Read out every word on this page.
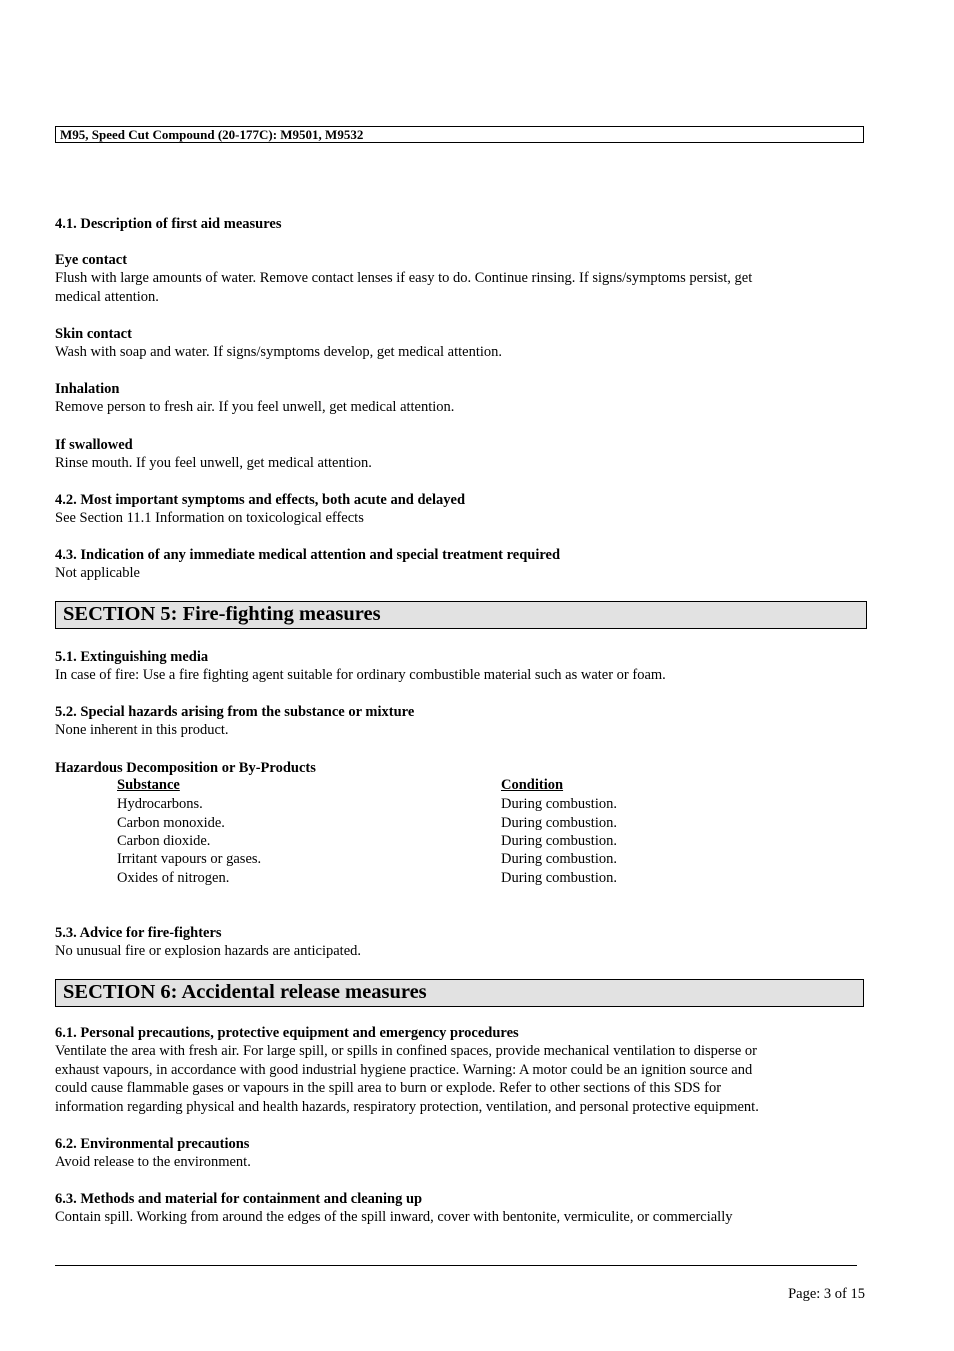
M95, Speed Cut Compound (20-177C): M9501, M9532
4.1. Description of first aid measures
Eye contact
Flush with large amounts of water. Remove contact lenses if easy to do. Continue rinsing. If signs/symptoms persist, get
medical attention.
Skin contact
Wash with soap and water. If signs/symptoms develop, get medical attention.
Inhalation
Remove person to fresh air. If you feel unwell, get medical attention.
If swallowed
Rinse mouth. If you feel unwell, get medical attention.
4.2. Most important symptoms and effects, both acute and delayed
See Section 11.1 Information on toxicological effects
4.3. Indication of any immediate medical attention and special treatment required
Not applicable
SECTION 5: Fire-fighting measures
5.1. Extinguishing media
In case of fire: Use a fire fighting agent suitable for ordinary combustible material such as water or foam.
5.2. Special hazards arising from the substance or mixture
None inherent in this product.
Hazardous Decomposition or By-Products
Substance	Condition
Hydrocarbons.	During combustion.
Carbon monoxide.	During combustion.
Carbon dioxide.	During combustion.
Irritant vapours or gases.	During combustion.
Oxides of nitrogen.	During combustion.
5.3. Advice for fire-fighters
No unusual fire or explosion hazards are anticipated.
SECTION 6: Accidental release measures
6.1. Personal precautions, protective equipment and emergency procedures
Ventilate the area with fresh air. For large spill, or spills in confined spaces, provide mechanical ventilation to disperse or
exhaust vapours, in accordance with good industrial hygiene practice. Warning: A motor could be an ignition source and
could cause flammable gases or vapours in the spill area to burn or explode. Refer to other sections of this SDS for
information regarding physical and health hazards, respiratory protection, ventilation, and personal protective equipment.
6.2. Environmental precautions
Avoid release to the environment.
6.3. Methods and material for containment and cleaning up
Contain spill. Working from around the edges of the spill inward, cover with bentonite, vermiculite, or commercially
Page: 3 of 15
